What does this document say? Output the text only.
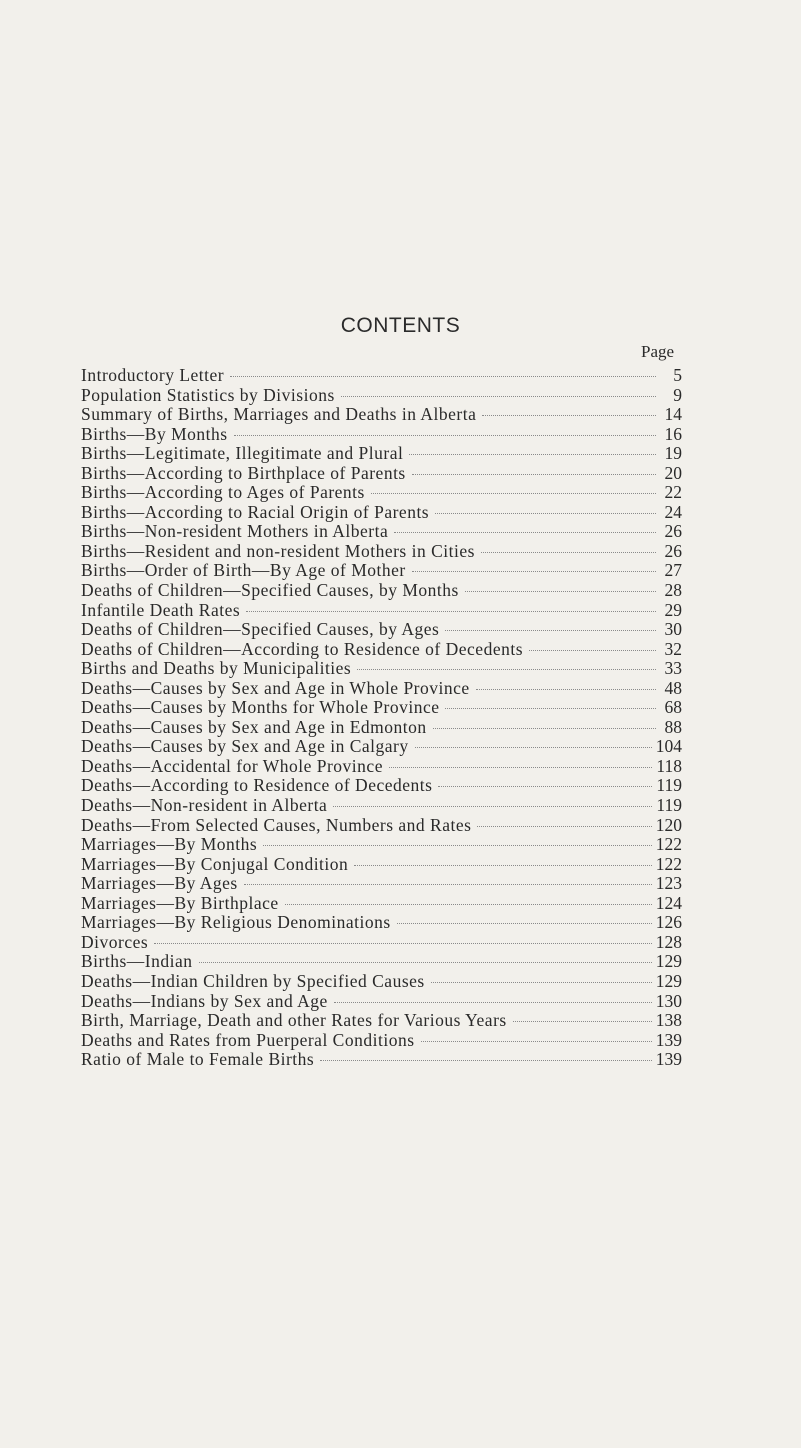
CONTENTS
Page
Introductory Letter	5
Population Statistics by Divisions	9
Summary of Births, Marriages and Deaths in Alberta	14
Births—By Months	16
Births—Legitimate, Illegitimate and Plural	19
Births—According to Birthplace of Parents	20
Births—According to Ages of Parents	22
Births—According to Racial Origin of Parents	24
Births—Non-resident Mothers in Alberta	26
Births—Resident and non-resident Mothers in Cities	26
Births—Order of Birth—By Age of Mother	27
Deaths of Children—Specified Causes, by Months	28
Infantile Death Rates	29
Deaths of Children—Specified Causes, by Ages	30
Deaths of Children—According to Residence of Decedents	32
Births and Deaths by Municipalities	33
Deaths—Causes by Sex and Age in Whole Province	48
Deaths—Causes by Months for Whole Province	68
Deaths—Causes by Sex and Age in Edmonton	88
Deaths—Causes by Sex and Age in Calgary	104
Deaths—Accidental for Whole Province	118
Deaths—According to Residence of Decedents	119
Deaths—Non-resident in Alberta	119
Deaths—From Selected Causes, Numbers and Rates	120
Marriages—By Months	122
Marriages—By Conjugal Condition	122
Marriages—By Ages	123
Marriages—By Birthplace	124
Marriages—By Religious Denominations	126
Divorces	128
Births—Indian	129
Deaths—Indian Children by Specified Causes	129
Deaths—Indians by Sex and Age	130
Birth, Marriage, Death and other Rates for Various Years	138
Deaths and Rates from Puerperal Conditions	139
Ratio of Male to Female Births	139
